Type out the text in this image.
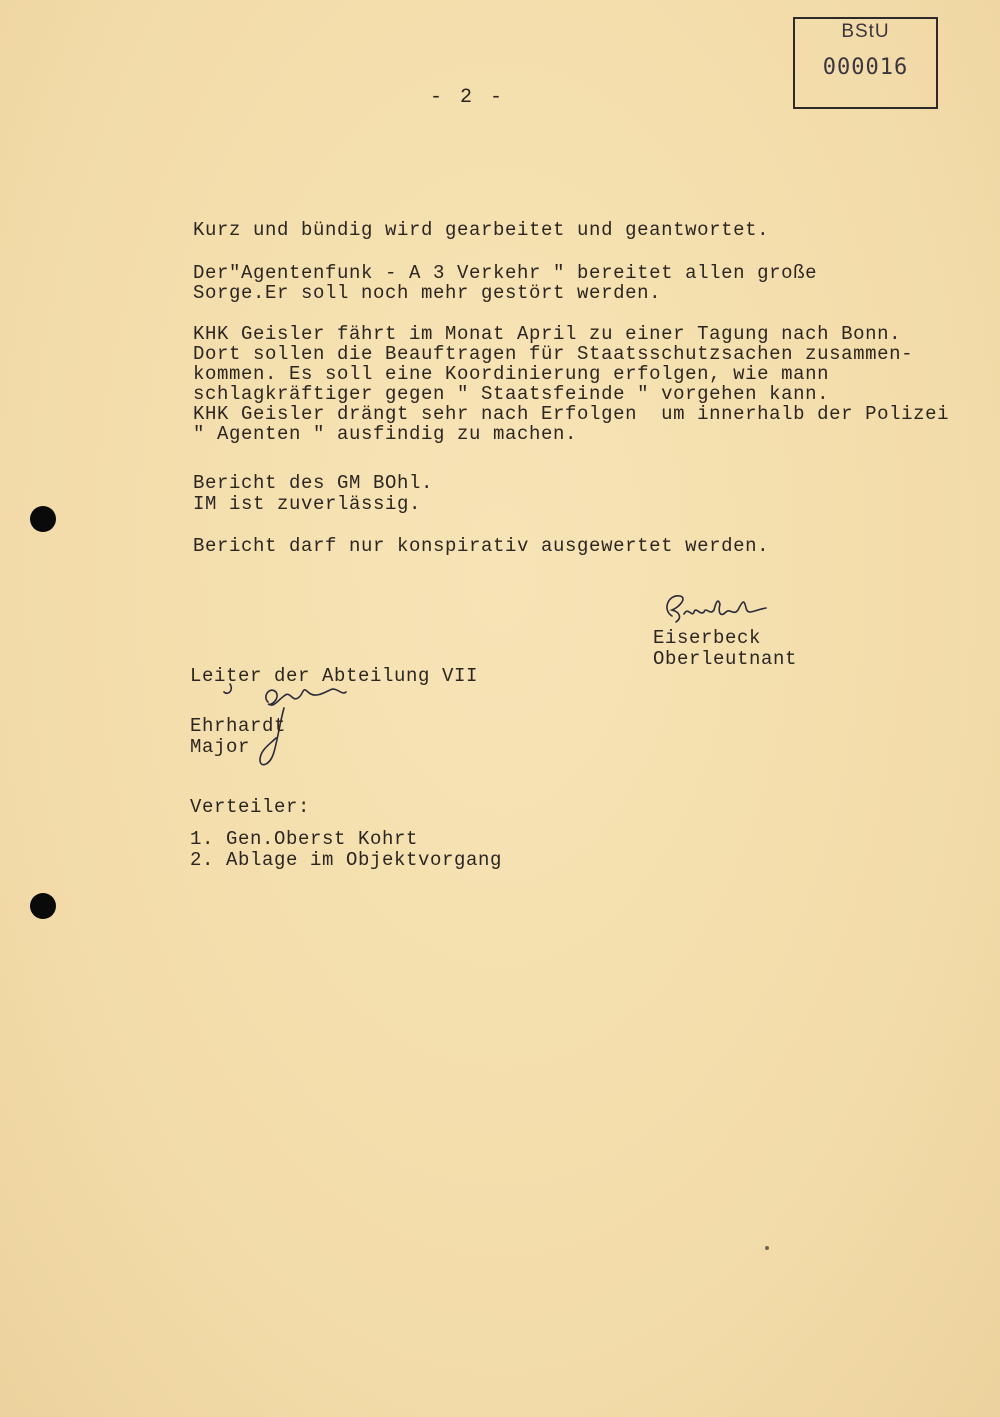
BStU
000016
- 2 -
Kurz und bündig wird gearbeitet und geantwortet.
Der"Agentenfunk - A 3 Verkehr " bereitet allen große
Sorge.Er soll noch mehr gestört werden.
KHK Geisler fährt im Monat April zu einer Tagung nach Bonn.
Dort sollen die Beauftragen für Staatsschutzsachen zusammen-
kommen. Es soll eine Koordinierung erfolgen, wie mann
schlagkräftiger gegen " Staatsfeinde " vorgehen kann.
KHK Geisler drängt sehr nach Erfolgen  um innerhalb der Polizei
" Agenten " ausfindig zu machen.
Bericht des GM BOhl.
IM ist zuverlässig.
Bericht darf nur konspirativ ausgewertet werden.
Eiserbeck
Oberleutnant
Leiter der Abteilung VII
Ehrhardt
Major
Verteiler:
1. Gen.Oberst Kohrt
2. Ablage im Objektvorgang
